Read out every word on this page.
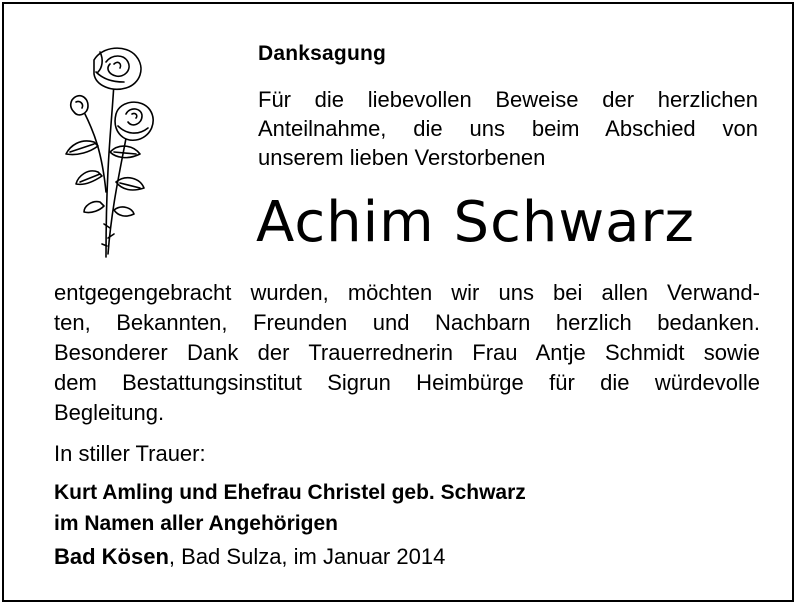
Danksagung
Für die liebevollen Beweise der herzlichen
Anteilnahme, die uns beim Abschied von
unserem lieben Verstorbenen
Achim Schwarz
entgegengebracht wurden, möchten wir uns bei allen Verwand-
ten, Bekannten, Freunden und Nachbarn herzlich bedanken.
Besonderer Dank der Trauerrednerin Frau Antje Schmidt sowie
dem Bestattungsinstitut Sigrun Heimbürge für die würdevolle
Begleitung.
In stiller Trauer:
Kurt Amling und Ehefrau Christel geb. Schwarz
im Namen aller Angehörigen
Bad Kösen, Bad Sulza, im Januar 2014
